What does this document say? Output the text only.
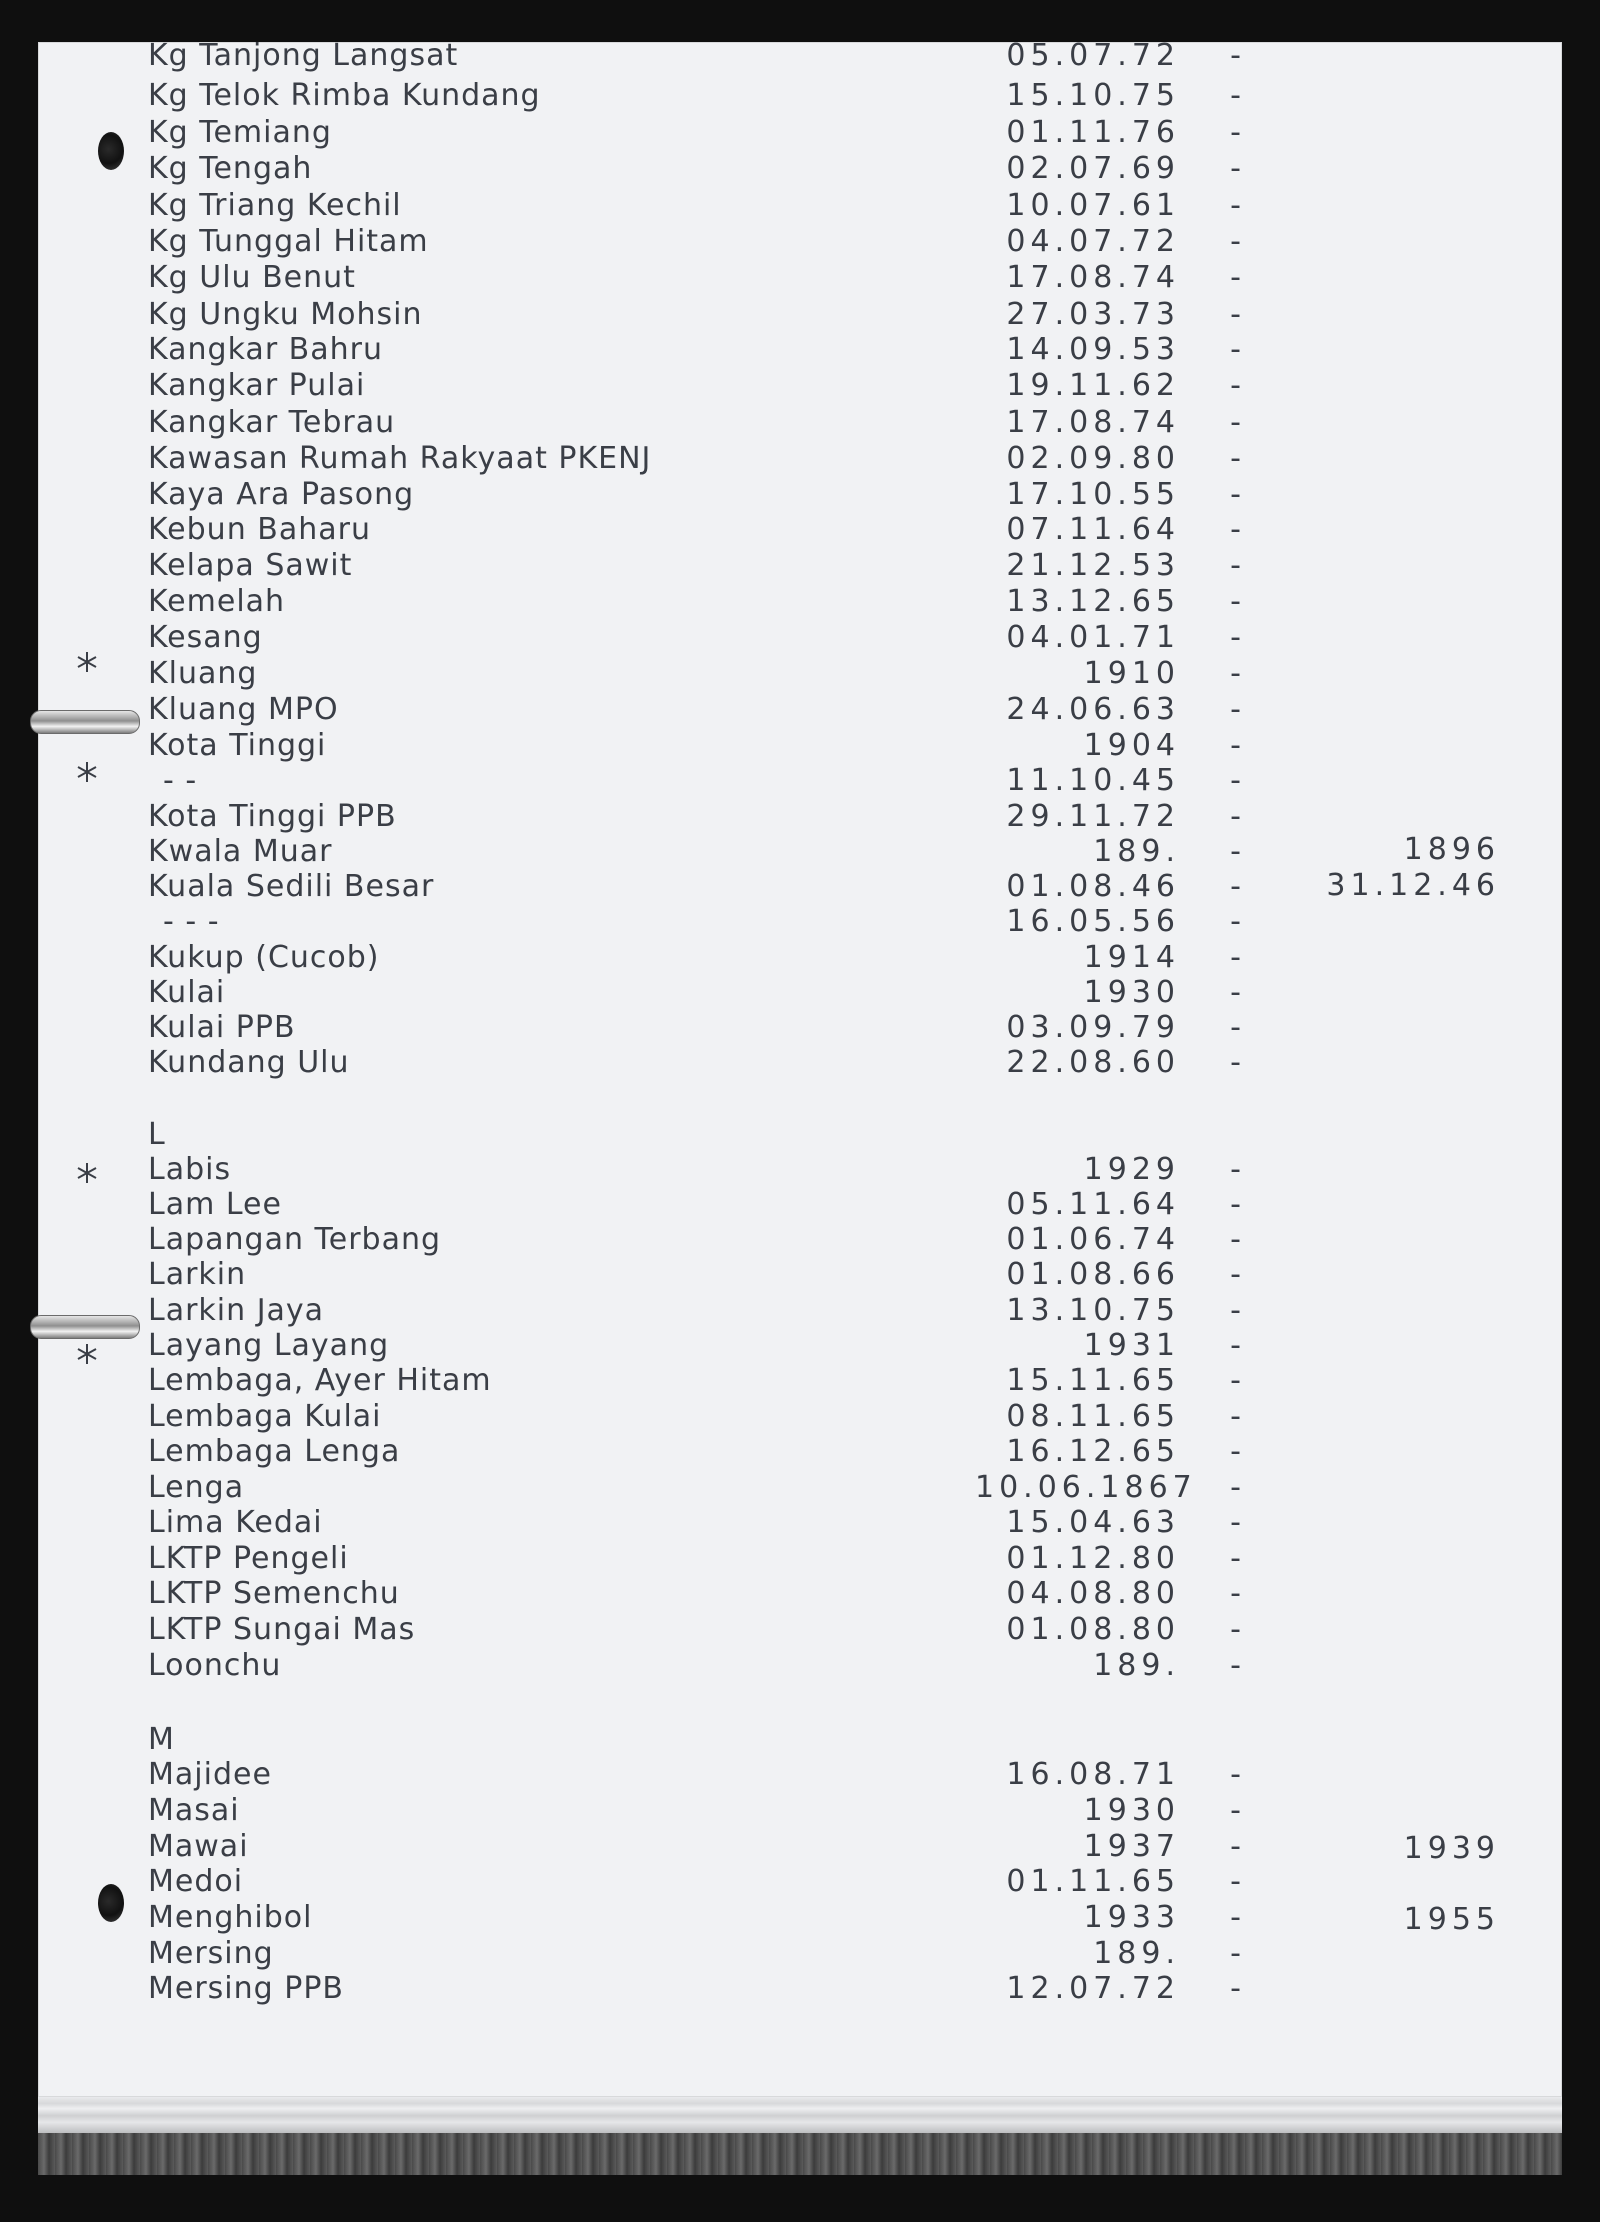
Kg Tanjong Langsat	05.07.72 -
Kg Telok Rimba Kundang	15.10.75 -
Kg Temiang	01.11.76 -
Kg Tengah	02.07.69 -
Kg Triang Kechil	10.07.61 -
Kg Tunggal Hitam	04.07.72 -
Kg Ulu Benut	17.08.74 -
Kg Ungku Mohsin	27.03.73 -
Kangkar Bahru	14.09.53 -
Kangkar Pulai	19.11.62 -
Kangkar Tebrau	17.08.74 -
Kawasan Rumah Rakyaat PKENJ	02.09.80 -
Kaya Ara Pasong	17.10.55 -
Kebun Baharu	07.11.64 -
Kelapa Sawit	21.12.53 -
Kemelah	13.12.65 -
Kesang	04.01.71 -
Kluang	1910 -
Kluang MPO	24.06.63 -
Kota Tinggi	1904 -
- -	11.10.45 -
Kota Tinggi PPB	29.11.72 -
Kwala Muar	189. -	1896
Kuala Sedili Besar	01.08.46 -	31.12.46
- - -	16.05.56 -
Kukup (Cucob)	1914 -
Kulai	1930 -
Kulai PPB	03.09.79 -
Kundang Ulu	22.08.60 -
L
Labis	1929 -
Lam Lee	05.11.64 -
Lapangan Terbang	01.06.74 -
Larkin	01.08.66 -
Larkin Jaya	13.10.75 -
Layang Layang	1931 -
Lembaga, Ayer Hitam	15.11.65 -
Lembaga Kulai	08.11.65 -
Lembaga Lenga	16.12.65 -
Lenga	10.06.1867 -
Lima Kedai	15.04.63 -
LKTP Pengeli	01.12.80 -
LKTP Semenchu	04.08.80 -
LKTP Sungai Mas	01.08.80 -
Loonchu	189. -
M
Majidee	16.08.71 -
Masai	1930 -
Mawai	1937 -	1939
Medoi	01.11.65 -
Menghibol	1933 -	1955
Mersing	189. -
Mersing PPB	12.07.72 -
